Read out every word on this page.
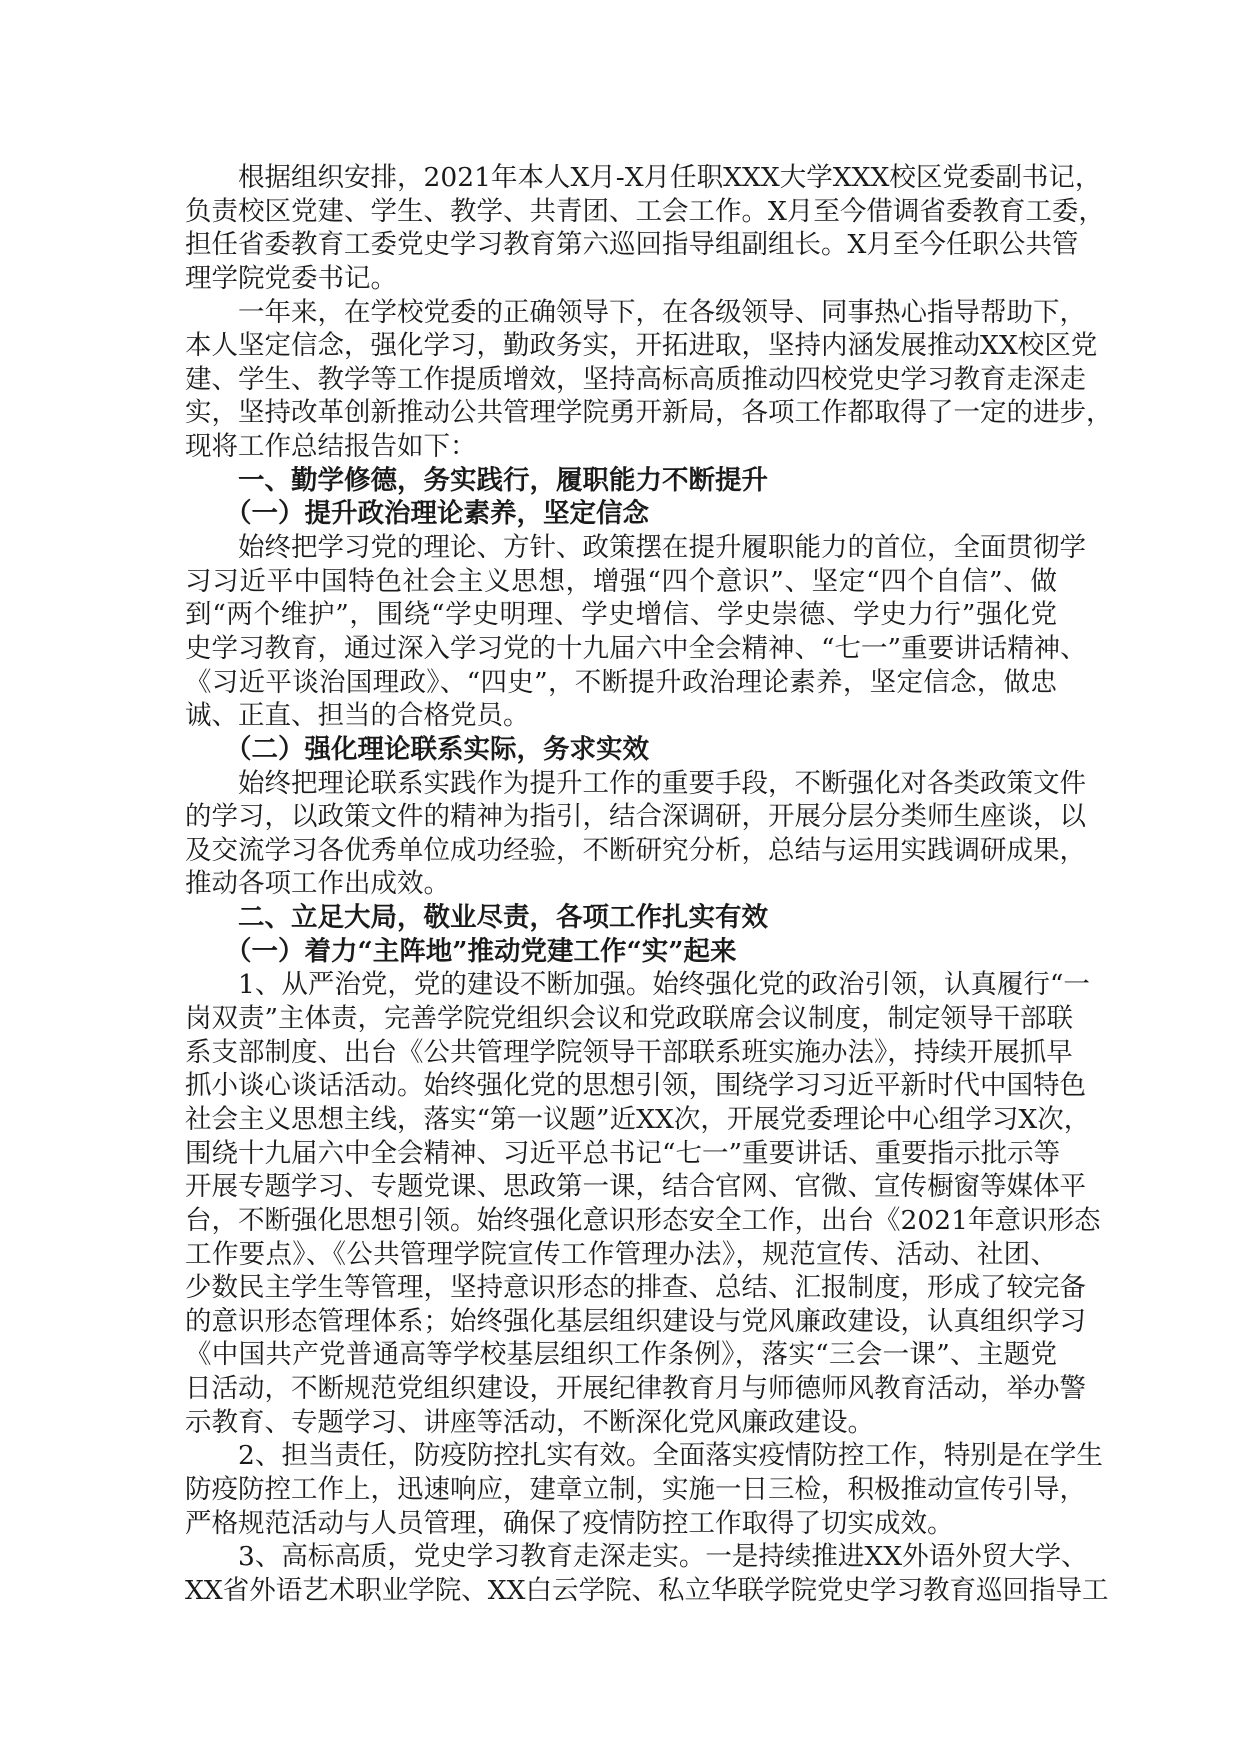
根据组织安排，2021年本人X月-X月任职XXX大学XXX校区党委副书记，
负责校区党建、学生、教学、共青团、工会工作。X月至今借调省委教育工委，
担任省委教育工委党史学习教育第六巡回指导组副组长。X月至今任职公共管
理学院党委书记。
一年来，在学校党委的正确领导下，在各级领导、同事热心指导帮助下，
本人坚定信念，强化学习，勤政务实，开拓进取，坚持内涵发展推动XX校区党
建、学生、教学等工作提质增效，坚持高标高质推动四校党史学习教育走深走
实，坚持改革创新推动公共管理学院勇开新局，各项工作都取得了一定的进步，
现将工作总结报告如下：
一、勤学修德，务实践行，履职能力不断提升
（一）提升政治理论素养，坚定信念
始终把学习党的理论、方针、政策摆在提升履职能力的首位，全面贯彻学
习习近平中国特色社会主义思想，增强“四个意识”、坚定“四个自信”、做
到“两个维护”，围绕“学史明理、学史增信、学史崇德、学史力行”强化党
史学习教育，通过深入学习党的十九届六中全会精神、“七一”重要讲话精神、
《习近平谈治国理政》、“四史”，不断提升政治理论素养，坚定信念，做忠
诚、正直、担当的合格党员。
（二）强化理论联系实际，务求实效
始终把理论联系实践作为提升工作的重要手段，不断强化对各类政策文件
的学习，以政策文件的精神为指引，结合深调研，开展分层分类师生座谈，以
及交流学习各优秀单位成功经验，不断研究分析，总结与运用实践调研成果，
推动各项工作出成效。
二、立足大局，敬业尽责，各项工作扎实有效
（一）着力“主阵地”推动党建工作“实”起来
1、从严治党，党的建设不断加强。始终强化党的政治引领，认真履行“一
岗双责”主体责，完善学院党组织会议和党政联席会议制度，制定领导干部联
系支部制度、出台《公共管理学院领导干部联系班实施办法》，持续开展抓早
抓小谈心谈话活动。始终强化党的思想引领，围绕学习习近平新时代中国特色
社会主义思想主线，落实“第一议题”近XX次，开展党委理论中心组学习X次，
围绕十九届六中全会精神、习近平总书记“七一”重要讲话、重要指示批示等
开展专题学习、专题党课、思政第一课，结合官网、官微、宣传橱窗等媒体平
台，不断强化思想引领。始终强化意识形态安全工作，出台《2021年意识形态
工作要点》、《公共管理学院宣传工作管理办法》，规范宣传、活动、社团、
少数民主学生等管理，坚持意识形态的排查、总结、汇报制度，形成了较完备
的意识形态管理体系；始终强化基层组织建设与党风廉政建设，认真组织学习
《中国共产党普通高等学校基层组织工作条例》，落实“三会一课”、主题党
日活动，不断规范党组织建设，开展纪律教育月与师德师风教育活动，举办警
示教育、专题学习、讲座等活动，不断深化党风廉政建设。
2、担当责任，防疫防控扎实有效。全面落实疫情防控工作，特别是在学生
防疫防控工作上，迅速响应，建章立制，实施一日三检，积极推动宣传引导，
严格规范活动与人员管理，确保了疫情防控工作取得了切实成效。
3、高标高质，党史学习教育走深走实。一是持续推进XX外语外贸大学、
XX省外语艺术职业学院、XX白云学院、私立华联学院党史学习教育巡回指导工
